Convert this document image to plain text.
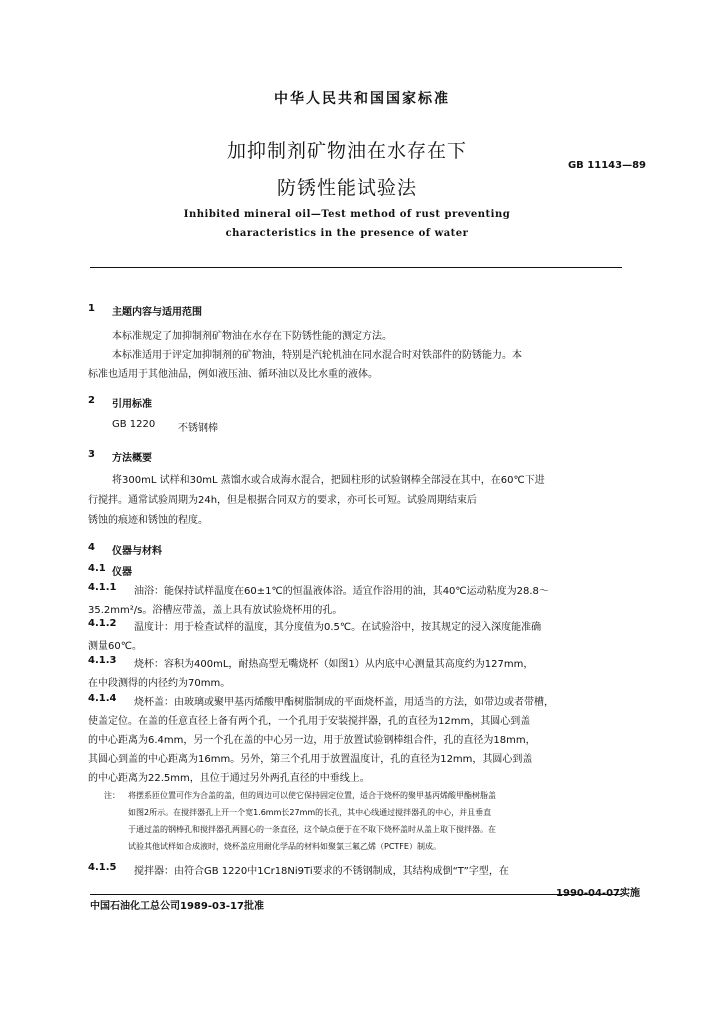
中华人民共和国国家标准
加抑制剂矿物油在水存在下
GB 11143—89
防锈性能试验法
Inhibited mineral oil—Test method of rust preventing
characteristics in the presence of water
1 主题内容与适用范围
本标准规定了加抑制剂矿物油在水存在下防锈性能的测定方法。
本标准适用于评定加抑制剂的矿物油，特别是汽轮机油在同水混合时对铁部件的防锈能力。本
标准也适用于其他油品，例如液压油、循环油以及比水重的液体。
2 引用标准
GB 1220 不锈钢棒
3 方法概要
将300mL 试样和30mL 蒸馏水或合成海水混合，把圆柱形的试验钢棒全部浸在其中，在60℃下进
行搅拌。通常试验周期为24h，但是根据合同双方的要求，亦可长可短。试验周期结束后
锈蚀的痕迹和锈蚀的程度。
4 仪器与材料
4.1 仪器
4.1.1 油浴：能保持试样温度在60±1℃的恒温液体浴。适宜作浴用的油，其40℃运动粘度为28.8～
35.2mm²/s。浴槽应带盖，盖上具有放试验烧杯用的孔。
4.1.2 温度计：用于检查试样的温度，其分度值为0.5℃。在试验浴中，按其规定的浸入深度能准确
测量60℃。
4.1.3 烧杯：容积为400mL，耐热高型无嘴烧杯（如图1）从内底中心测量其高度约为127mm，
在中段测得的内径约为70mm。
4.1.4 烧杯盖：由玻璃或聚甲基丙烯酸甲酯树脂制成的平面烧杯盖，用适当的方法，如带边或者带槽，
使盖定位。在盖的任意直径上备有两个孔，一个孔用于安装搅拌器，孔的直径为12mm，其圆心到盖
的中心距离为6.4mm，另一个孔在盖的中心另一边，用于放置试验钢棒组合件，孔的直径为18mm，
其圆心到盖的中心距离为16mm。另外，第三个孔用于放置温度计，孔的直径为12mm，其圆心到盖
的中心距离为22.5mm，且位于通过另外两孔直径的中垂线上。
注： 将摆系匝位置可作为合盖的盖，但的周边可以使它保持固定位置，适合于烧杯的聚甲基丙烯酸甲酯树脂盖
如图2所示。在搅拌器孔上开一个宽1.6mm长27mm的长孔，其中心线通过搅拌器孔的中心，并且垂直
于通过盖的钢棒孔和搅拌器孔两圆心的一条直径，这个缺点便于在不取下烧杯盖时从盖上取下搅拌器。在
试验其他试样如合成液时，烧杯盖应用耐化学品的材料如聚氯三氟乙烯（PCTFE）制成。
4.1.5 搅拌器：由符合GB 1220中1Cr18Ni9Ti要求的不锈钢制成，其结构成倒“T”字型，在
中国石油化工总公司1989-03-17批准
1990-04-07实施
